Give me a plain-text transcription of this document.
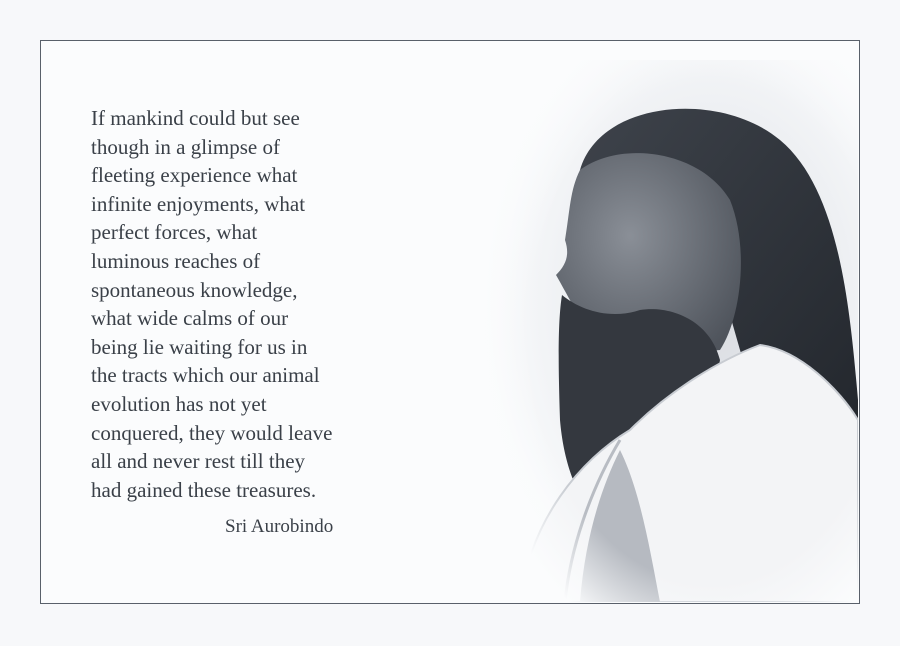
If mankind could but see
though in a glimpse of
fleeting experience what
infinite enjoyments, what
perfect forces, what
luminous reaches of
spontaneous knowledge,
what wide calms of our
being lie waiting for us in
the tracts which our animal
evolution has not yet
conquered, they would leave
all and never rest till they
had gained these treasures.
Sri Aurobindo
